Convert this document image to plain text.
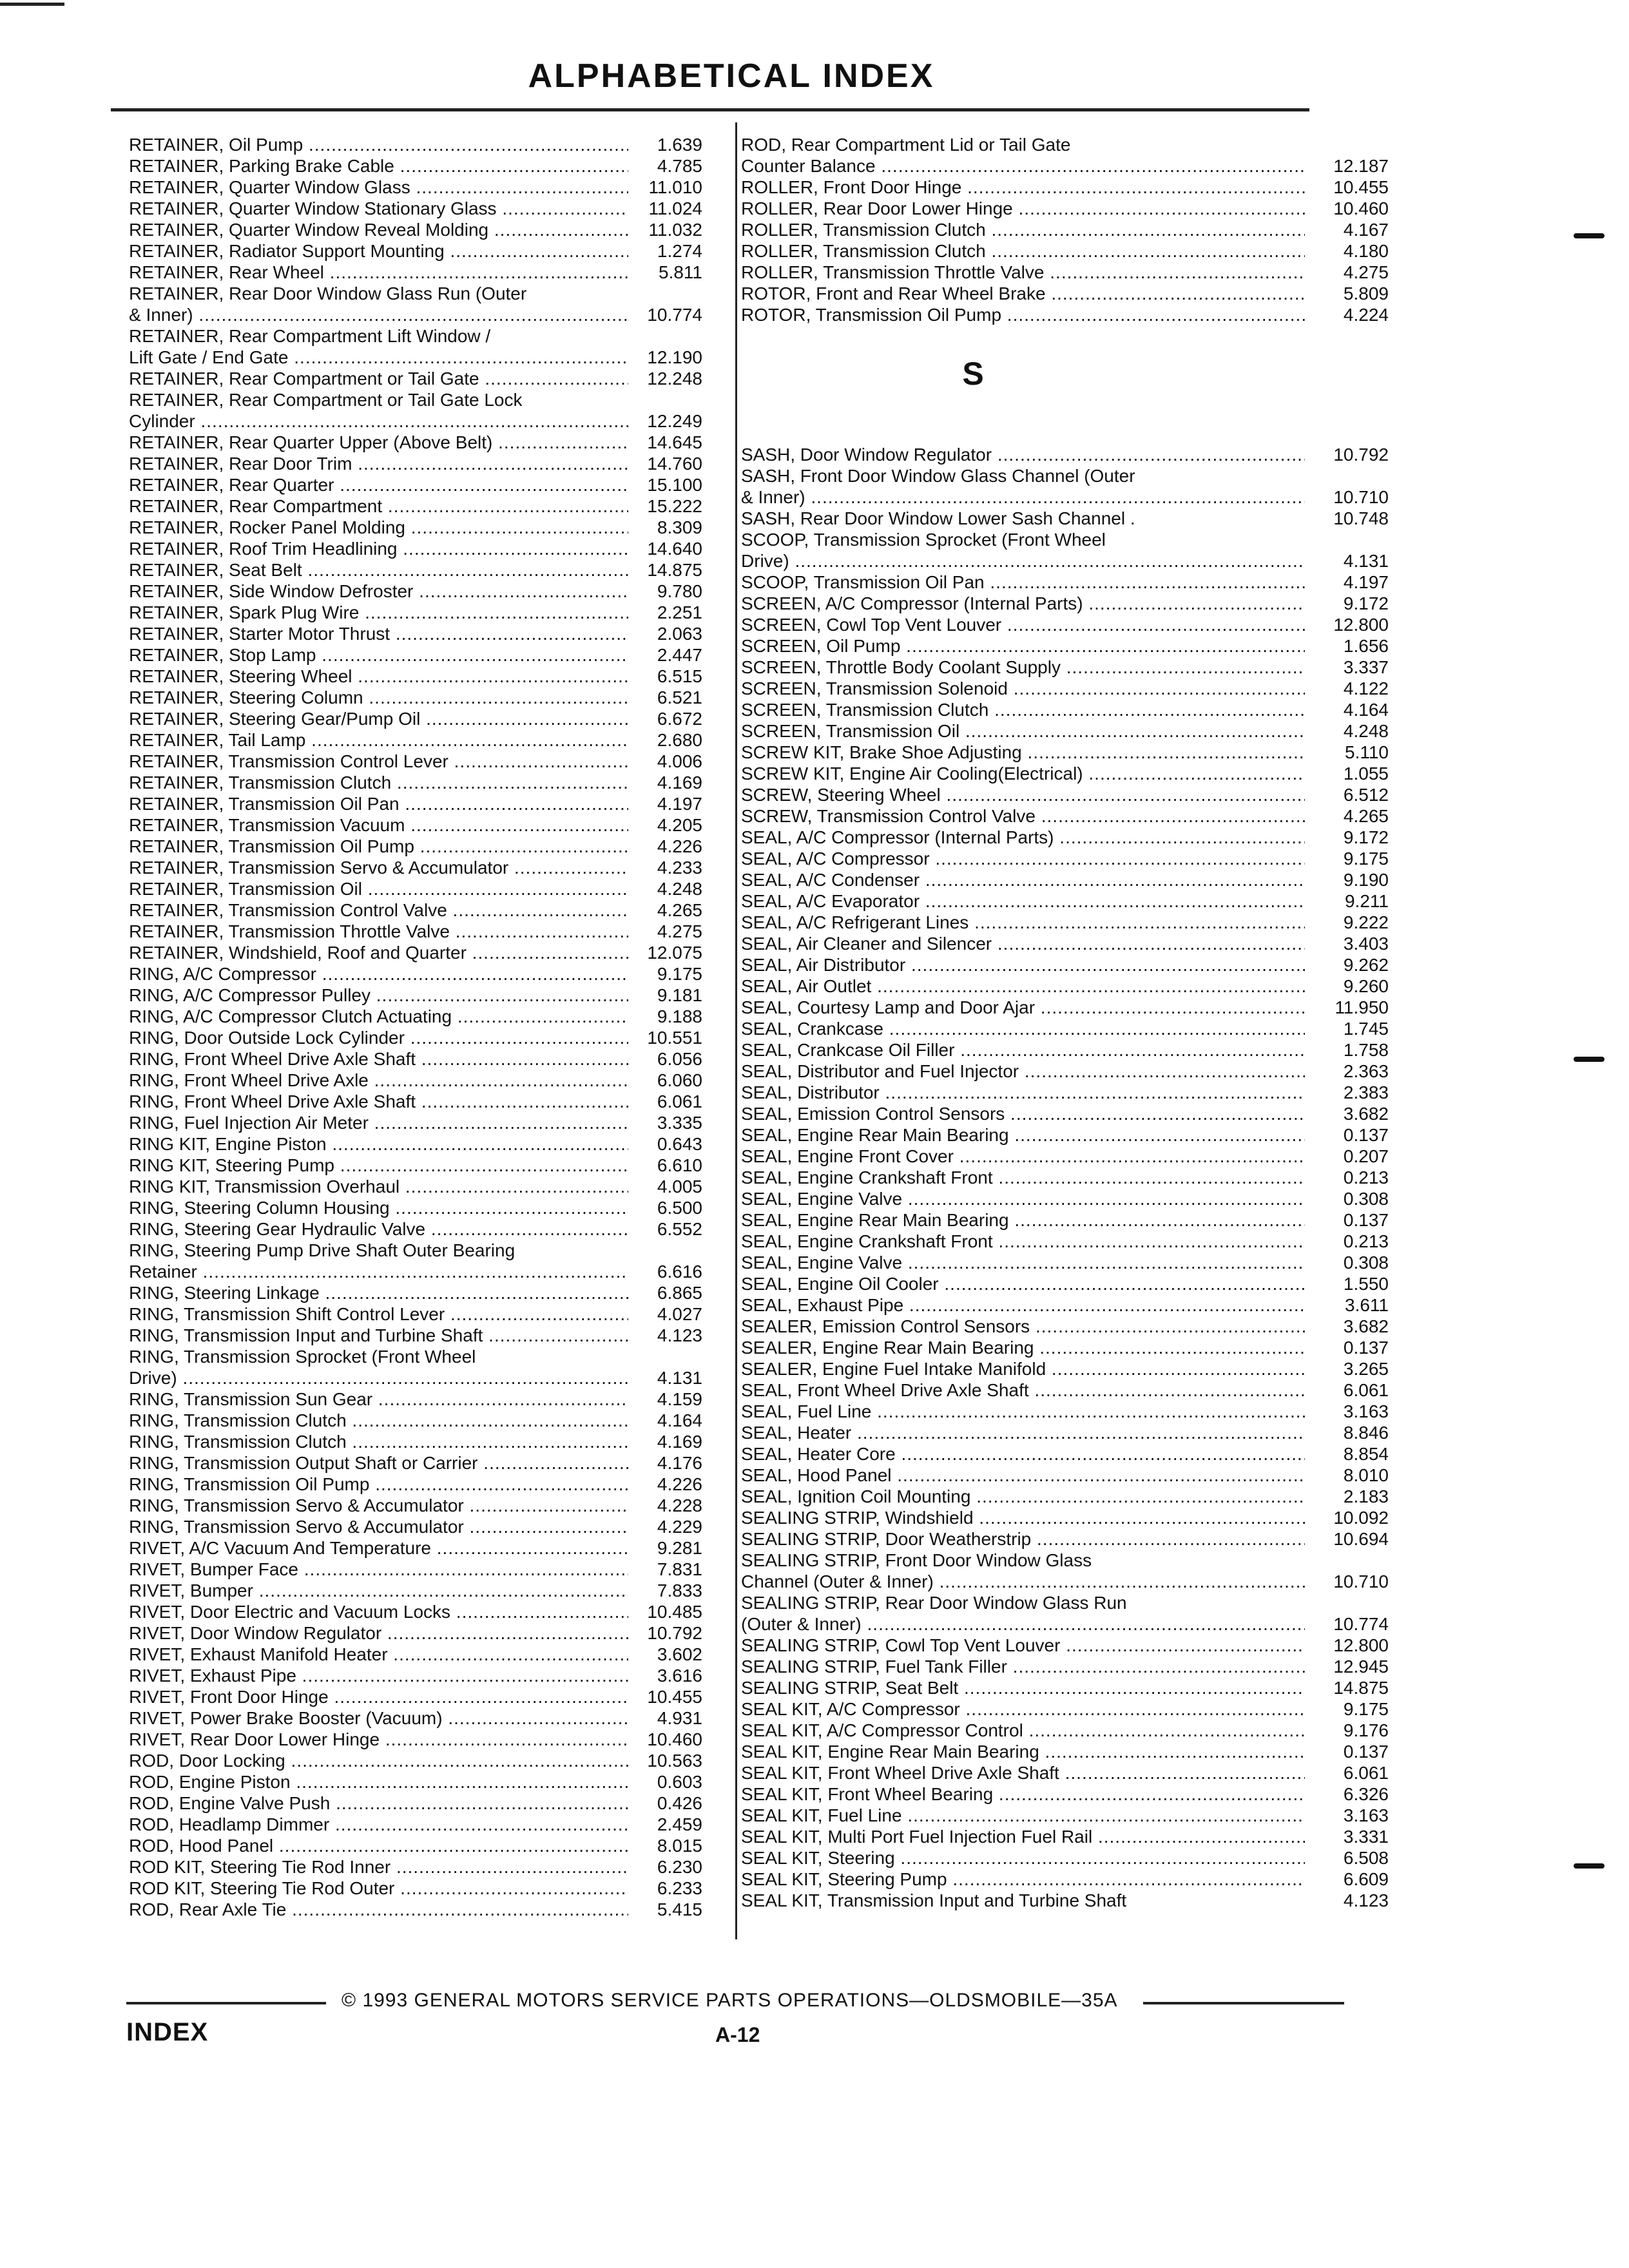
ALPHABETICAL INDEX
RETAINER, Oil Pump .....	1.639
RETAINER, Parking Brake Cable .....	4.785
RETAINER, Quarter Window Glass .....	11.010
RETAINER, Quarter Window Stationary Glass .....	11.024
RETAINER, Quarter Window Reveal Molding .....	11.032
RETAINER, Radiator Support Mounting .....	1.274
RETAINER, Rear Wheel .....	5.811
RETAINER, Rear Door Window Glass Run (Outer
& Inner) .....	10.774
RETAINER, Rear Compartment Lift Window /
Lift Gate / End Gate .....	12.190
RETAINER, Rear Compartment or Tail Gate .....	12.248
RETAINER, Rear Compartment or Tail Gate Lock
Cylinder .....	12.249
RETAINER, Rear Quarter Upper (Above Belt) .....	14.645
RETAINER, Rear Door Trim .....	14.760
RETAINER, Rear Quarter .....	15.100
RETAINER, Rear Compartment .....	15.222
RETAINER, Rocker Panel Molding .....	8.309
RETAINER, Roof Trim Headlining .....	14.640
RETAINER, Seat Belt .....	14.875
RETAINER, Side Window Defroster .....	9.780
RETAINER, Spark Plug Wire .....	2.251
RETAINER, Starter Motor Thrust .....	2.063
RETAINER, Stop Lamp .....	2.447
RETAINER, Steering Wheel .....	6.515
RETAINER, Steering Column .....	6.521
RETAINER, Steering Gear/Pump Oil .....	6.672
RETAINER, Tail Lamp .....	2.680
RETAINER, Transmission Control Lever .....	4.006
RETAINER, Transmission Clutch .....	4.169
RETAINER, Transmission Oil Pan .....	4.197
RETAINER, Transmission Vacuum .....	4.205
RETAINER, Transmission Oil Pump .....	4.226
RETAINER, Transmission Servo & Accumulator .....	4.233
RETAINER, Transmission Oil .....	4.248
RETAINER, Transmission Control Valve .....	4.265
RETAINER, Transmission Throttle Valve .....	4.275
RETAINER, Windshield, Roof and Quarter .....	12.075
RING, A/C Compressor .....	9.175
RING, A/C Compressor Pulley .....	9.181
RING, A/C Compressor Clutch Actuating .....	9.188
RING, Door Outside Lock Cylinder .....	10.551
RING, Front Wheel Drive Axle Shaft .....	6.056
RING, Front Wheel Drive Axle .....	6.060
RING, Front Wheel Drive Axle Shaft .....	6.061
RING, Fuel Injection Air Meter .....	3.335
RING KIT, Engine Piston .....	0.643
RING KIT, Steering Pump .....	6.610
RING KIT, Transmission Overhaul .....	4.005
RING, Steering Column Housing .....	6.500
RING, Steering Gear Hydraulic Valve .....	6.552
RING, Steering Pump Drive Shaft Outer Bearing
Retainer .....	6.616
RING, Steering Linkage .....	6.865
RING, Transmission Shift Control Lever .....	4.027
RING, Transmission Input and Turbine Shaft .....	4.123
RING, Transmission Sprocket (Front Wheel
Drive) .....	4.131
RING, Transmission Sun Gear .....	4.159
RING, Transmission Clutch .....	4.164
RING, Transmission Clutch .....	4.169
RING, Transmission Output Shaft or Carrier .....	4.176
RING, Transmission Oil Pump .....	4.226
RING, Transmission Servo & Accumulator .....	4.228
RING, Transmission Servo & Accumulator .....	4.229
RIVET, A/C Vacuum And Temperature .....	9.281
RIVET, Bumper Face .....	7.831
RIVET, Bumper .....	7.833
RIVET, Door Electric and Vacuum Locks .....	10.485
RIVET, Door Window Regulator .....	10.792
RIVET, Exhaust Manifold Heater .....	3.602
RIVET, Exhaust Pipe .....	3.616
RIVET, Front Door Hinge .....	10.455
RIVET, Power Brake Booster (Vacuum) .....	4.931
RIVET, Rear Door Lower Hinge .....	10.460
ROD, Door Locking .....	10.563
ROD, Engine Piston .....	0.603
ROD, Engine Valve Push .....	0.426
ROD, Headlamp Dimmer .....	2.459
ROD, Hood Panel .....	8.015
ROD KIT, Steering Tie Rod Inner .....	6.230
ROD KIT, Steering Tie Rod Outer .....	6.233
ROD, Rear Axle Tie .....	5.415
ROD, Rear Compartment Lid or Tail Gate
Counter Balance .....	12.187
ROLLER, Front Door Hinge .....	10.455
ROLLER, Rear Door Lower Hinge .....	10.460
ROLLER, Transmission Clutch .....	4.167
ROLLER, Transmission Clutch .....	4.180
ROLLER, Transmission Throttle Valve .....	4.275
ROTOR, Front and Rear Wheel Brake .....	5.809
ROTOR, Transmission Oil Pump .....	4.224
S
SASH, Door Window Regulator .....	10.792
SASH, Front Door Window Glass Channel (Outer
& Inner) .....	10.710
SASH, Rear Door Window Lower Sash Channel .	10.748
SCOOP, Transmission Sprocket (Front Wheel
Drive) .....	4.131
SCOOP, Transmission Oil Pan .....	4.197
SCREEN, A/C Compressor (Internal Parts) .....	9.172
SCREEN, Cowl Top Vent Louver .....	12.800
SCREEN, Oil Pump .....	1.656
SCREEN, Throttle Body Coolant Supply .....	3.337
SCREEN, Transmission Solenoid .....	4.122
SCREEN, Transmission Clutch .....	4.164
SCREEN, Transmission Oil .....	4.248
SCREW KIT, Brake Shoe Adjusting .....	5.110
SCREW KIT, Engine Air Cooling(Electrical) .....	1.055
SCREW, Steering Wheel .....	6.512
SCREW, Transmission Control Valve .....	4.265
SEAL, A/C Compressor (Internal Parts) .....	9.172
SEAL, A/C Compressor .....	9.175
SEAL, A/C Condenser .....	9.190
SEAL, A/C Evaporator .....	9.211
SEAL, A/C Refrigerant Lines .....	9.222
SEAL, Air Cleaner and Silencer .....	3.403
SEAL, Air Distributor .....	9.262
SEAL, Air Outlet .....	9.260
SEAL, Courtesy Lamp and Door Ajar .....	11.950
SEAL, Crankcase .....	1.745
SEAL, Crankcase Oil Filler .....	1.758
SEAL, Distributor and Fuel Injector .....	2.363
SEAL, Distributor .....	2.383
SEAL, Emission Control Sensors .....	3.682
SEAL, Engine Rear Main Bearing .....	0.137
SEAL, Engine Front Cover .....	0.207
SEAL, Engine Crankshaft Front .....	0.213
SEAL, Engine Valve .....	0.308
SEAL, Engine Rear Main Bearing .....	0.137
SEAL, Engine Crankshaft Front .....	0.213
SEAL, Engine Valve .....	0.308
SEAL, Engine Oil Cooler .....	1.550
SEAL, Exhaust Pipe .....	3.611
SEALER, Emission Control Sensors .....	3.682
SEALER, Engine Rear Main Bearing .....	0.137
SEALER, Engine Fuel Intake Manifold .....	3.265
SEAL, Front Wheel Drive Axle Shaft .....	6.061
SEAL, Fuel Line .....	3.163
SEAL, Heater .....	8.846
SEAL, Heater Core .....	8.854
SEAL, Hood Panel .....	8.010
SEAL, Ignition Coil Mounting .....	2.183
SEALING STRIP, Windshield .....	10.092
SEALING STRIP, Door Weatherstrip .....	10.694
SEALING STRIP, Front Door Window Glass
Channel (Outer & Inner) .....	10.710
SEALING STRIP, Rear Door Window Glass Run
(Outer & Inner) .....	10.774
SEALING STRIP, Cowl Top Vent Louver .....	12.800
SEALING STRIP, Fuel Tank Filler .....	12.945
SEALING STRIP, Seat Belt .....	14.875
SEAL KIT, A/C Compressor .....	9.175
SEAL KIT, A/C Compressor Control .....	9.176
SEAL KIT, Engine Rear Main Bearing .....	0.137
SEAL KIT, Front Wheel Drive Axle Shaft .....	6.061
SEAL KIT, Front Wheel Bearing .....	6.326
SEAL KIT, Fuel Line .....	3.163
SEAL KIT, Multi Port Fuel Injection Fuel Rail .....	3.331
SEAL KIT, Steering .....	6.508
SEAL KIT, Steering Pump .....	6.609
SEAL KIT, Transmission Input and Turbine Shaft	4.123
© 1993 GENERAL MOTORS SERVICE PARTS OPERATIONS—OLDSMOBILE—35A
INDEX	A-12
